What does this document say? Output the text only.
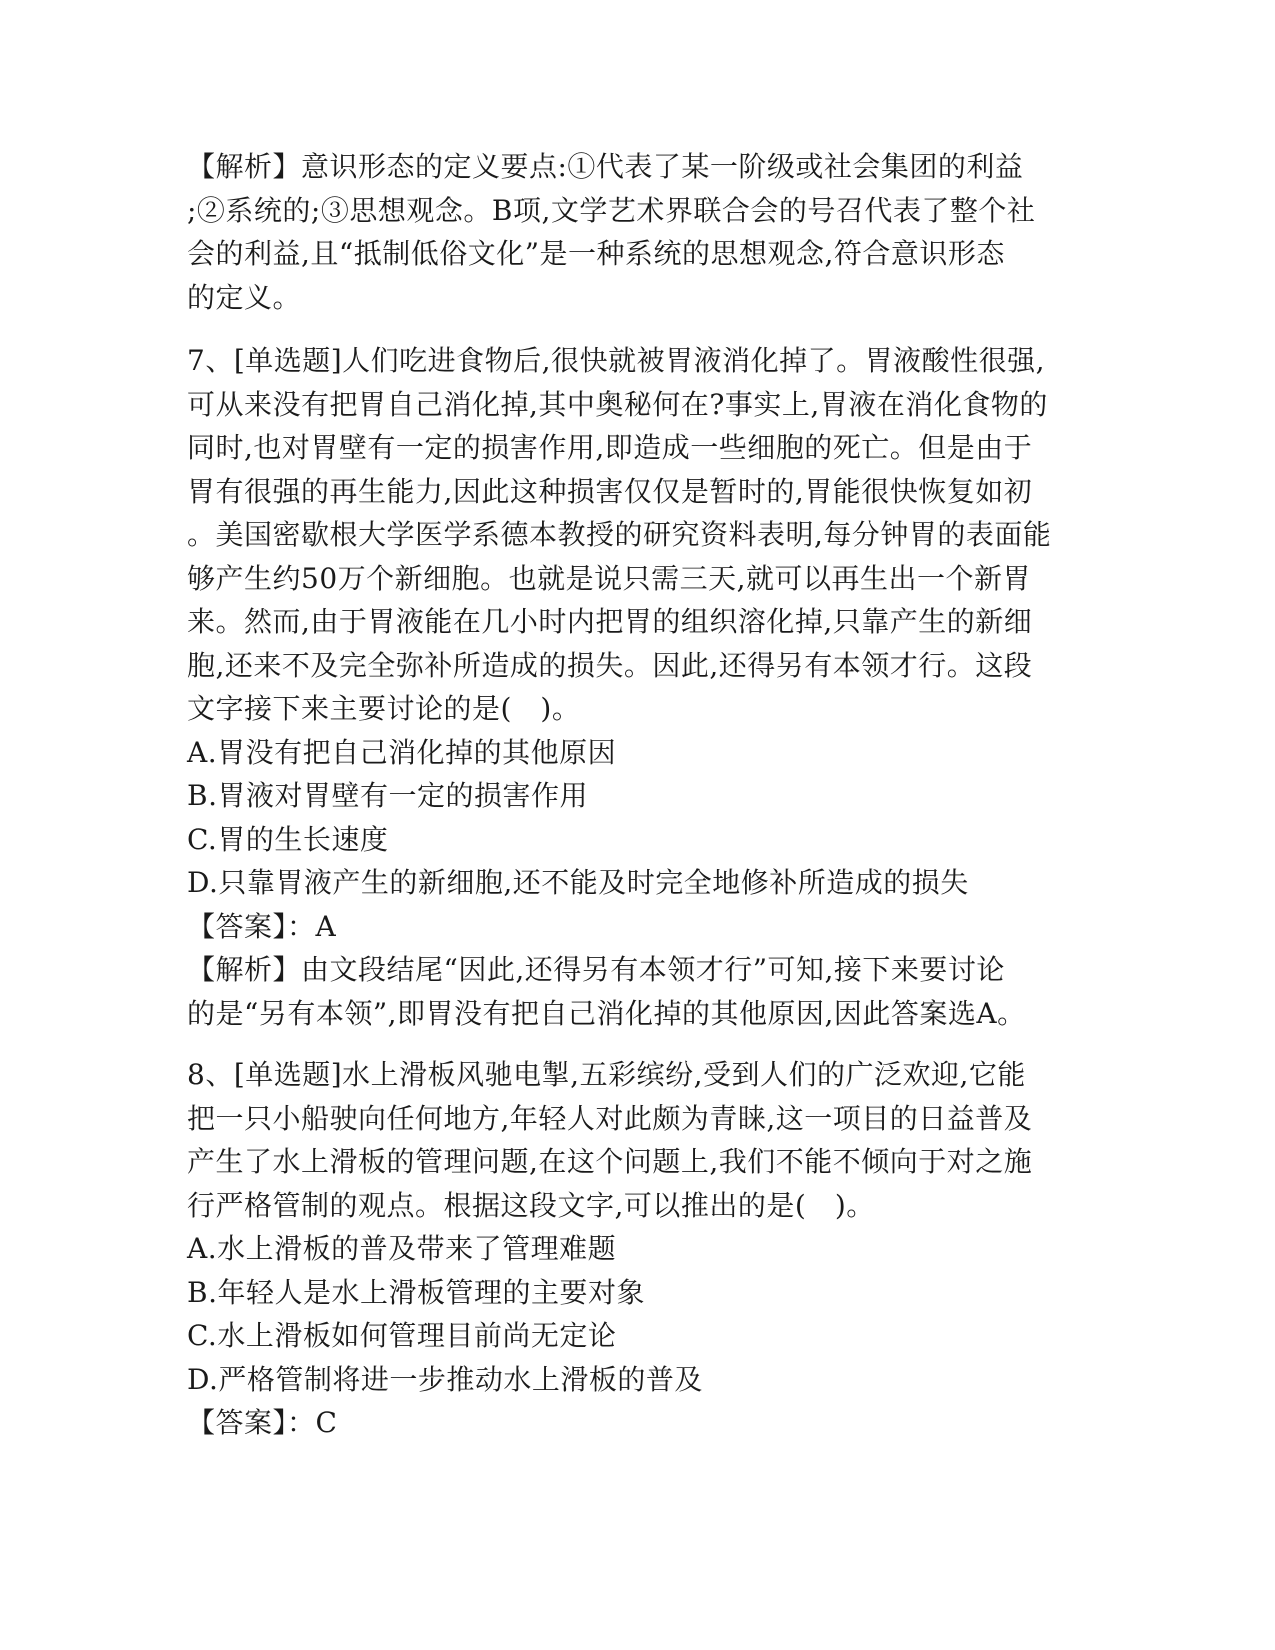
【解析】意识形态的定义要点:①代表了某一阶级或社会集团的利益
;②系统的;③思想观念。B项,文学艺术界联合会的号召代表了整个社
会的利益,且“抵制低俗文化”是一种系统的思想观念,符合意识形态
的定义。
7、[单选题]人们吃进食物后,很快就被胃液消化掉了。胃液酸性很强,
可从来没有把胃自己消化掉,其中奥秘何在?事实上,胃液在消化食物的
同时,也对胃壁有一定的损害作用,即造成一些细胞的死亡。但是由于
胃有很强的再生能力,因此这种损害仅仅是暂时的,胃能很快恢复如初
。美国密歇根大学医学系德本教授的研究资料表明,每分钟胃的表面能
够产生约50万个新细胞。也就是说只需三天,就可以再生出一个新胃
来。然而,由于胃液能在几小时内把胃的组织溶化掉,只靠产生的新细
胞,还来不及完全弥补所造成的损失。因此,还得另有本领才行。这段
文字接下来主要讨论的是(　)。
A.胃没有把自己消化掉的其他原因
B.胃液对胃壁有一定的损害作用
C.胃的生长速度
D.只靠胃液产生的新细胞,还不能及时完全地修补所造成的损失
【答案】：A
【解析】由文段结尾“因此,还得另有本领才行”可知,接下来要讨论
的是“另有本领”,即胃没有把自己消化掉的其他原因,因此答案选A。
8、[单选题]水上滑板风驰电掣,五彩缤纷,受到人们的广泛欢迎,它能
把一只小船驶向任何地方,年轻人对此颇为青睐,这一项目的日益普及
产生了水上滑板的管理问题,在这个问题上,我们不能不倾向于对之施
行严格管制的观点。根据这段文字,可以推出的是(　)。
A.水上滑板的普及带来了管理难题
B.年轻人是水上滑板管理的主要对象
C.水上滑板如何管理目前尚无定论
D.严格管制将进一步推动水上滑板的普及
【答案】：C
